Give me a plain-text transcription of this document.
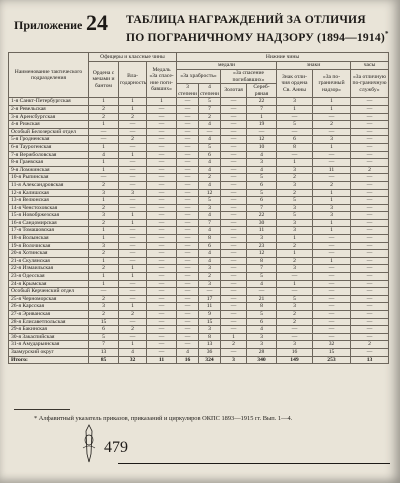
Приложение 24 ТАБЛИЦА НАГРАЖДЕНИЙ ЗА ОТЛИЧИЯ
ПО ПОГРАНИЧНОМУ НАДЗОРУ (1894—1914)*
Наименование тактического подразделения	Офицеры и классные чины			Нижние чины						
	Ордена с мечами и бантом	Вла-годарность	Медаль «За спасе-ние поги-бавших»	медали				знаки		часы
				«За храбрость»		«За спасение погибавших»		Знак отли-чия ордена Св. Анны	«За по-граничный надзор»	«За отличную по-граничную службу»
				3 степени	4 степени	Золотая	Сереб-ряная			
1-я Санкт-Петербургская	1	1	1	—	5	—	22	3	1	—
2-я Ревельская	2	1	—	—	7	—	7	1	1	—
3-я Аренсбургская	2	2	—	—	2	—	1	—	—	—
4-я Рижская	1	—	—	—	4	—	19	5	2	—
Особый Белозерский отдел	—	—	—	—	—	—	—	—	—	—
5-я Гродненская	—	2	—	—	4	—	12	6	3	—
6-я Таурогенская	1	—	—	—	5	—	10	8	1	—
7-я Вержболовская	4	1	—	—	6	—	4	—	—	—
8-я Граевская	1	—	—	—	4	—	3	1	—	—
9-я Ломжинская	1	—	—	—	4	—	4	3	11	2
10-я Рыпинская	—	—	—	—	2	—	5	2	—	—
11-я Александровская	2	—	—	—	4	—	6	3	2	—
12-я Калишская	3	3	—	—	12	—	5	2	1	—
13-я Велюнская	1	—	—	—	5	—	6	5	1	—
14-я Ченстоховская	2	—	—	—	3	—	7	3	3	—
15-я Новобржезская	3	1	—	—	4	—	22	5	3	—
16-я Сандомирская	2	1	—	—	7	—	30	3	1	—
17-я Томашовская	1	—	—	—	4	—	11	3	1	—
18-я Волынская	1	—	—	—	8	—	3	1	—	—
19-я Волочиская	3	—	—	—	6	—	23	2	—	—
20-я Хотинская	2	—	—	—	4	—	12	1	—	—
21-я Скулянская	1	—	—	—	4	—	8	2	1	—
22-я Измаильская	2	1	—	—	3	—	7	3	—	—
23-я Одесская	1	1	—	—	2	—	5	—	—	—
24-я Крымская	1	—	—	—	3	—	4	1	—	—
Особый Керченский отдел	—	—	—	—	—	—	—	—	—	—
25-я Черноморская	2	—	—	—	17	—	21	5	—	—
26-я Карсская	3	1	—	—	11	—	8	3	—	—
27-я Эриванская	2	2	—	—	9	—	5	2	—	—
28-я Елисаветпольская	15	—	—	—	15	—	6	2	—	—
29-я Бакинская	6	2	—	—	3	—	4	—	—	—
30-я Закаспийская	5	—	—	—	8	1	3	—	—	—
31-я Амударьинская	7	1	—	—	13	2	3	3	32	2
Заамурский округ	13	4	—	4	36	—	28	16	15	—
Итого:	85	32	11	16	324	3	340	149	253	13
* Алфавитный указатель приказов, приказаний и циркуляров ОКПС 1893—1915 гг. Вып. 1—4.
479
